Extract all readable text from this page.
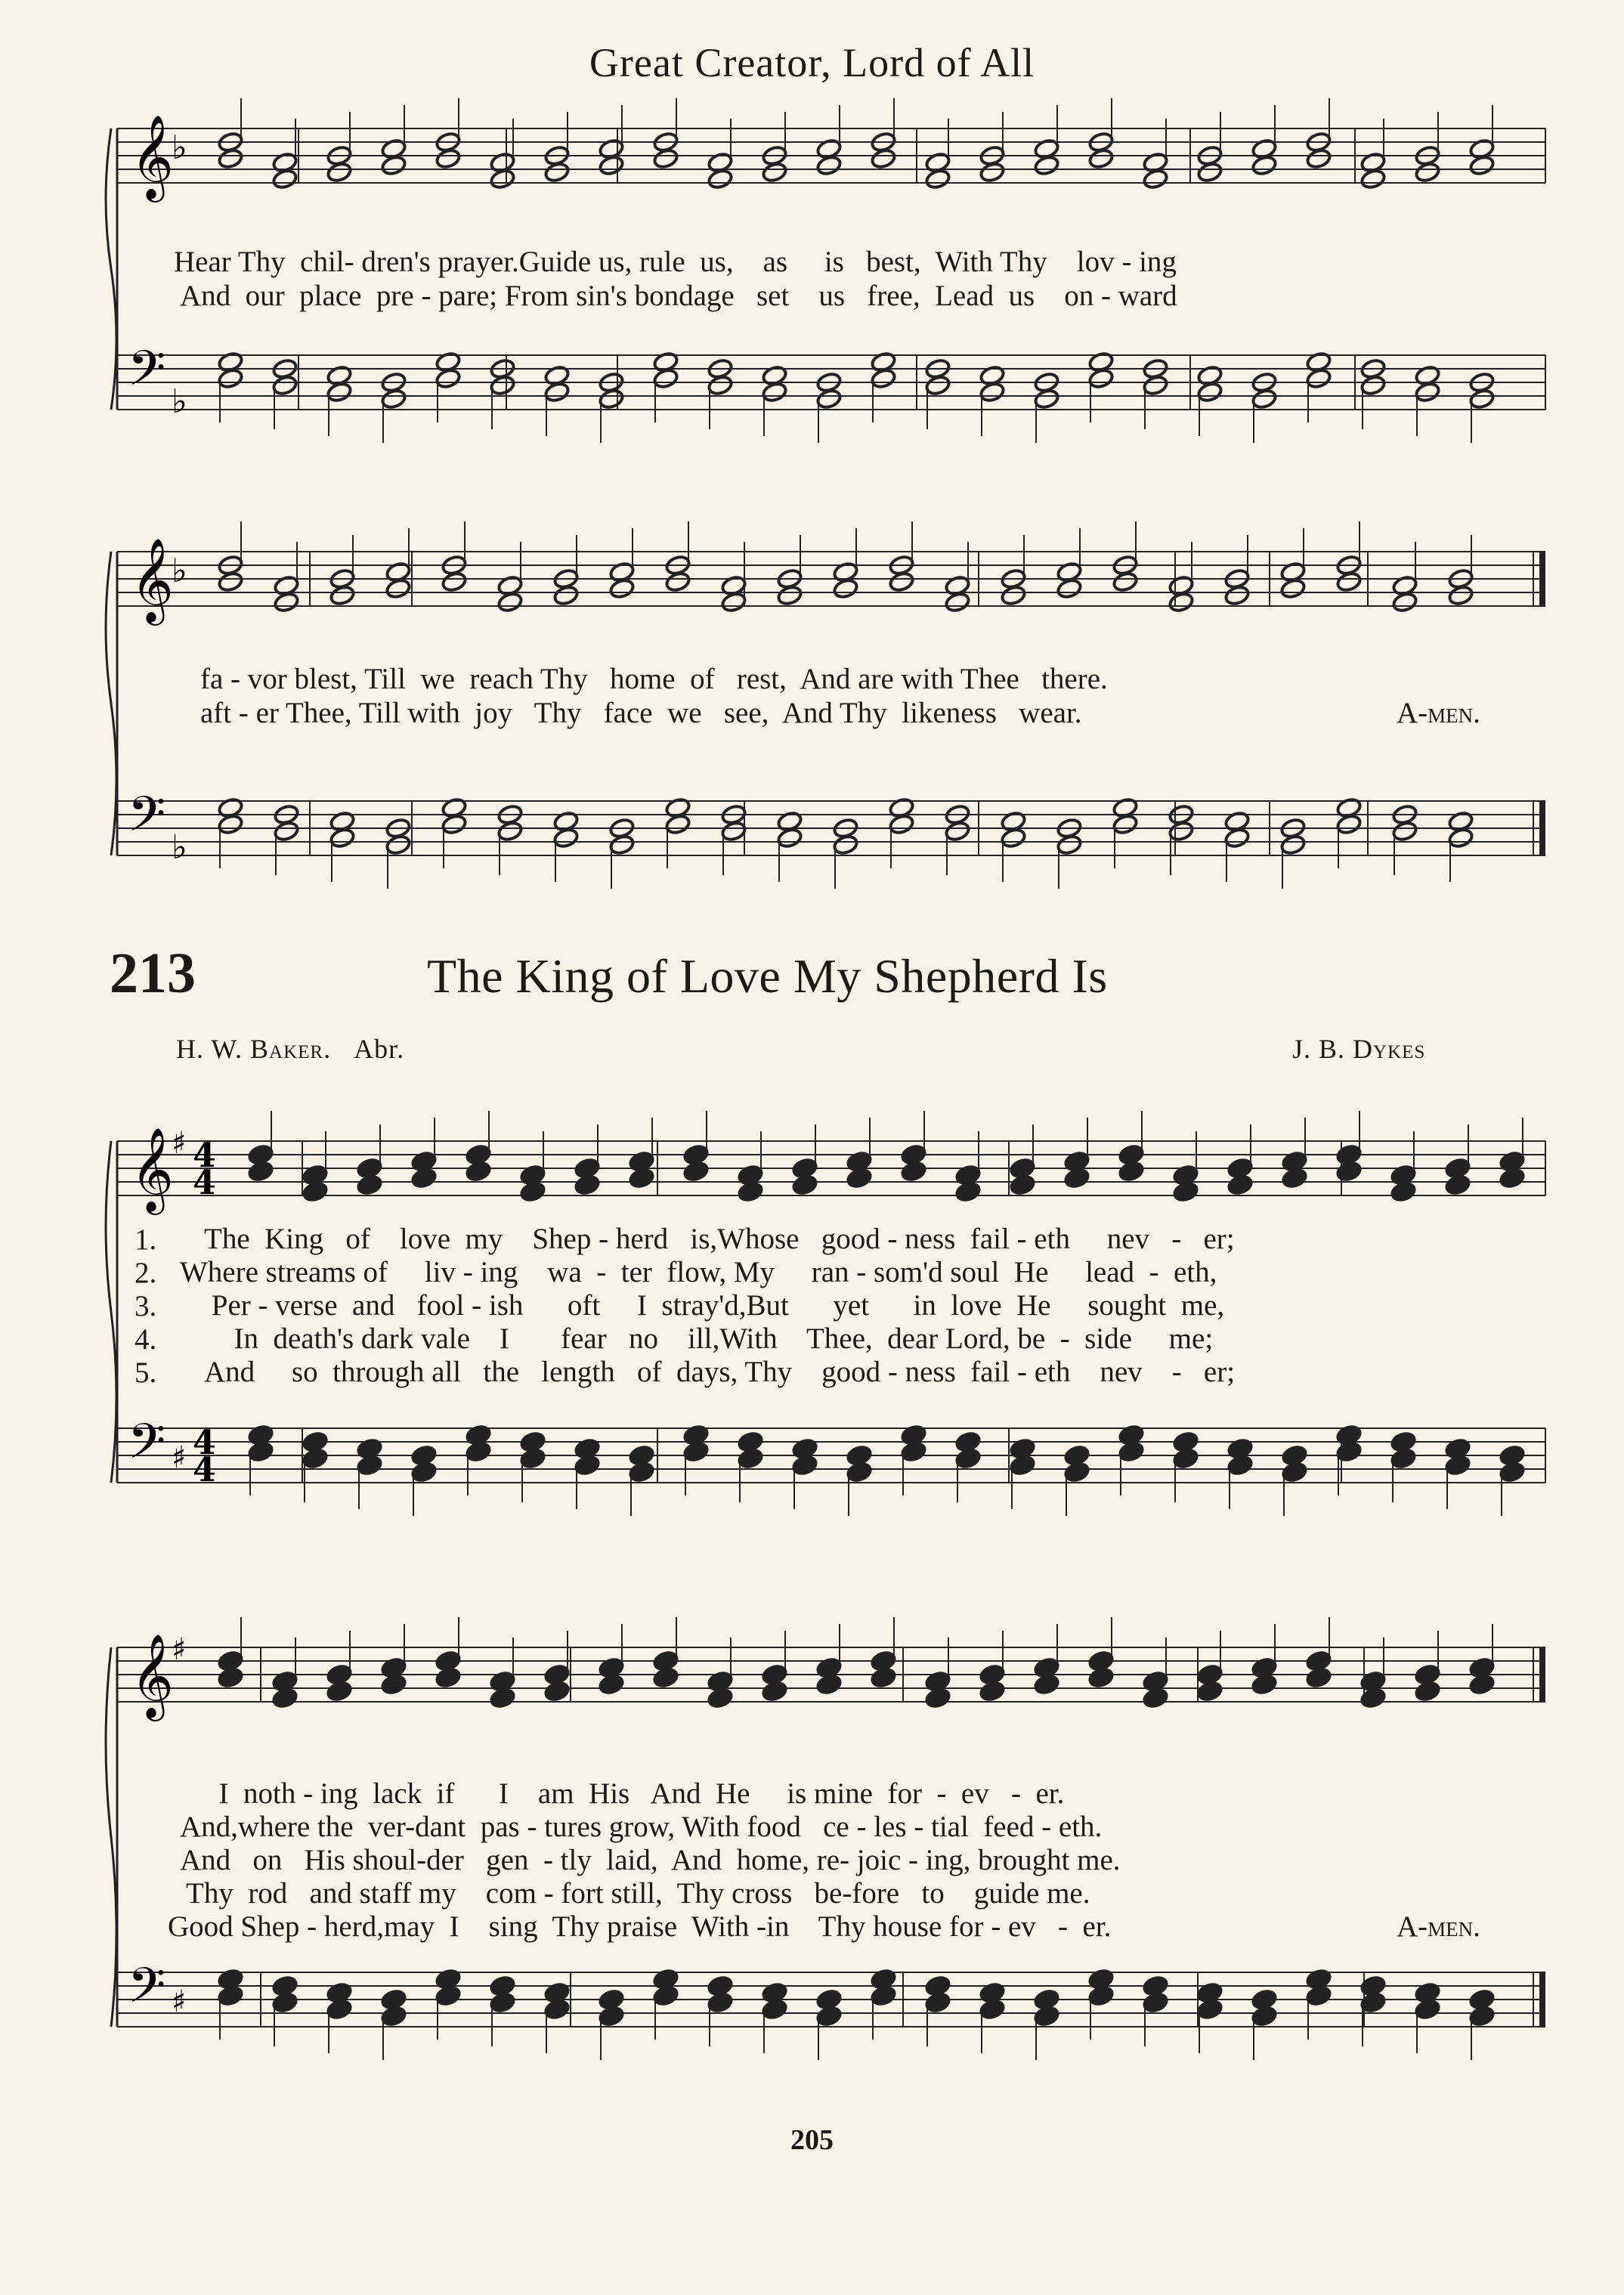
Great Creator, Lord of All
𝄞
𝄢
♭
♭
Hear Thy  chil- dren's prayer.Guide us, rule  us,    as     is   best,  With Thy    lov - ing
And  our  place  pre - pare; From sin's bondage   set    us   free,  Lead  us    on - ward
𝄞
𝄢
♭
♭
fa - vor blest, Till  we  reach Thy   home  of   rest,  And are with Thee   there.
aft - er Thee, Till with  joy   Thy   face  we   see,  And Thy  likeness   wear.	A-men.
213	The King of Love My Shepherd Is
H. W. Baker. Abr.	J. B. Dykes
𝄞
𝄢
♯
♯
4
4
4
4
1.
2.
3.
4.
5.
The  King   of    love  my    Shep - herd   is,Whose   good - ness  fail - eth     nev   -   er;
Where streams of     liv - ing    wa  -  ter  flow, My     ran - som'd soul  He     lead  -  eth,
Per - verse  and   fool - ish      oft     I  stray'd,But      yet      in  love  He     sought  me,
In  death's dark vale    I       fear   no    ill,With    Thee,  dear Lord, be  -  side     me;
And     so  through all   the   length   of  days, Thy    good - ness  fail - eth    nev    -   er;
𝄞
𝄢
♯
♯
I  noth - ing  lack  if      I    am  His   And  He     is mine  for  -  ev   -  er.
And,where the  ver-dant  pas - tures grow, With food   ce - les - tial  feed - eth.
And   on   His shoul-der   gen  - tly  laid,  And  home, re- joic - ing, brought me.
Thy  rod   and staff my    com - fort still,  Thy cross   be-fore   to    guide me.
Good Shep - herd,may  I    sing  Thy praise  With -in    Thy house for - ev   -  er.	A-men.
205
